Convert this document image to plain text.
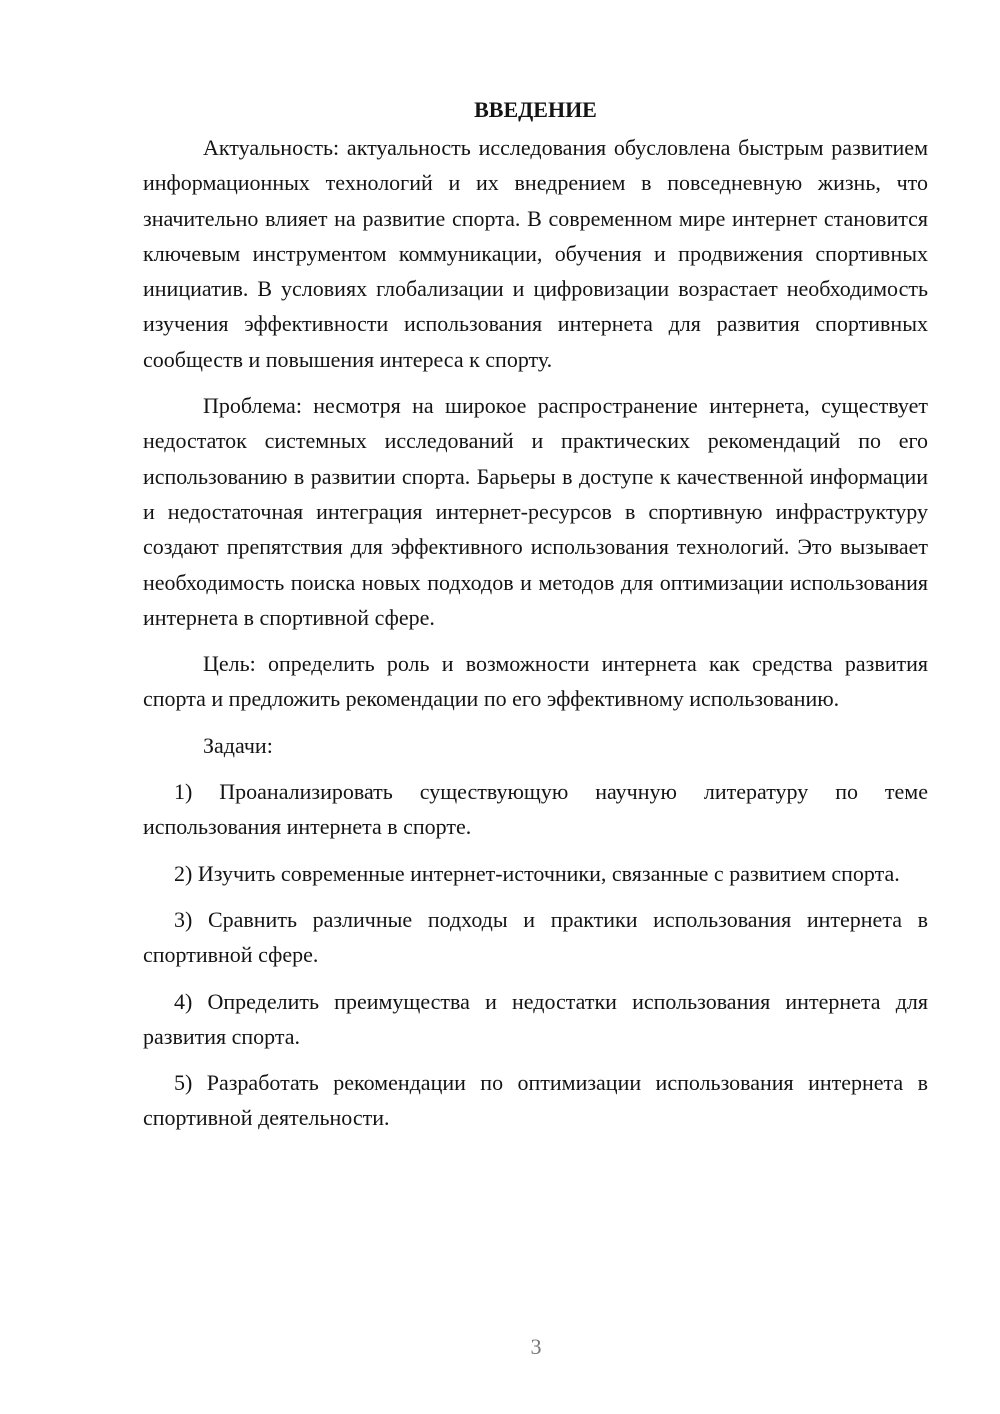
ВВЕДЕНИЕ

Актуальность: актуальность исследования обусловлена быстрым развитием информационных технологий и их внедрением в повседневную жизнь, что значительно влияет на развитие спорта. В современном мире интернет становится ключевым инструментом коммуникации, обучения и продвижения спортивных инициатив. В условиях глобализации и цифровизации возрастает необходимость изучения эффективности использования интернета для развития спортивных сообществ и повышения интереса к спорту.

Проблема: несмотря на широкое распространение интернета, существует недостаток системных исследований и практических рекомендаций по его использованию в развитии спорта. Барьеры в доступе к качественной информации и недостаточная интеграция интернет-ресурсов в спортивную инфраструктуру создают препятствия для эффективного использования технологий. Это вызывает необходимость поиска новых подходов и методов для оптимизации использования интернета в спортивной сфере.

Цель: определить роль и возможности интернета как средства развития спорта и предложить рекомендации по его эффективному использованию.

Задачи:

1) Проанализировать существующую научную литературу по теме использования интернета в спорте.

2) Изучить современные интернет-источники, связанные с развитием спорта.

3) Сравнить различные подходы и практики использования интернета в спортивной сфере.

4) Определить преимущества и недостатки использования интернета для развития спорта.

5) Разработать рекомендации по оптимизации использования интернета в спортивной деятельности.

3
